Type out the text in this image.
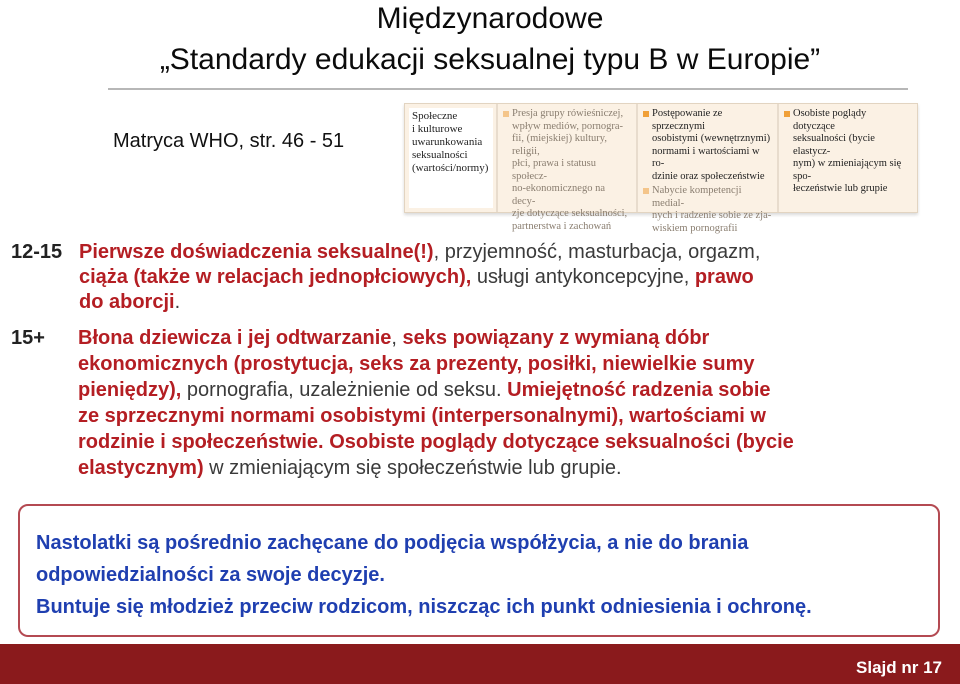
Międzynarodowe
„Standardy edukacji seksualnej typu B w Europie”
Matryca WHO, str. 46 - 51
Społeczne
i kulturowe
uwarunkowania
seksualności
(wartości/normy)
Presja grupy rówieśniczej,
wpływ mediów, pornogra-
fii, (miejskiej) kultury, religii,
płci, prawa i statusu społecz-
no-ekonomicznego na decy-
zje dotyczące seksualności,
partnerstwa i zachowań
Postępowanie ze sprzecznymi
osobistymi (wewnętrznymi)
normami i wartościami w ro-
dzinie oraz społeczeństwie
Nabycie kompetencji medial-
nych i radzenie sobie ze zja-
wiskiem pornografii
Osobiste poglądy dotyczące
seksualności (bycie elastycz-
nym) w zmieniającym się spo-
łeczeństwie lub grupie
12-15 Pierwsze doświadczenia seksualne(!), przyjemność, masturbacja, orgazm,
ciąża (także w relacjach jednopłciowych), usługi antykoncepcyjne, prawo
do aborcji.
15+ Błona dziewicza i jej odtwarzanie, seks powiązany z wymianą dóbr
ekonomicznych (prostytucja, seks za prezenty, posiłki, niewielkie sumy
pieniędzy), pornografia, uzależnienie od seksu. Umiejętność radzenia sobie
ze sprzecznymi normami osobistymi (interpersonalnymi), wartościami w
rodzinie i społeczeństwie. Osobiste poglądy dotyczące seksualności (bycie
elastycznym) w zmieniającym się społeczeństwie lub grupie.
Nastolatki są pośrednio zachęcane do podjęcia współżycia, a nie do brania
odpowiedzialności za swoje decyzje.
Buntuje się młodzież przeciw rodzicom, niszcząc ich punkt odniesienia i ochronę.
Slajd nr 17
